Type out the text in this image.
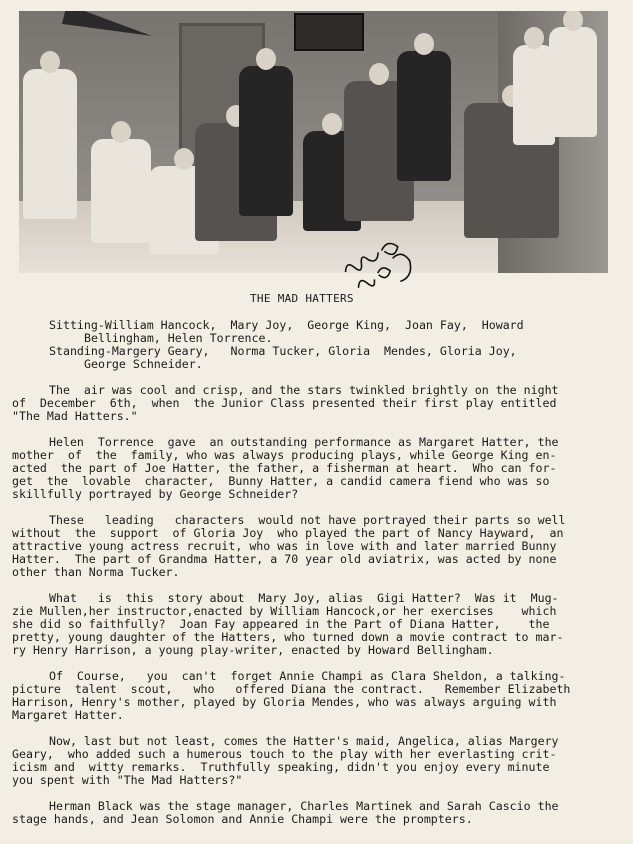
THE MAD HATTERS
Sitting-William Hancock,  Mary Joy,  George King,  Joan Fay,  Howard
Bellingham, Helen Torrence.
Standing-Margery Geary,   Norma Tucker, Gloria  Mendes, Gloria Joy,
George Schneider.
The  air was cool and crisp, and the stars twinkled brightly on the night
of  December  6th,  when  the Junior Class presented their first play entitled
"The Mad Hatters."
Helen  Torrence  gave  an outstanding performance as Margaret Hatter, the
mother  of  the  family, who was always producing plays, while George King en-
acted  the part of Joe Hatter, the father, a fisherman at heart.  Who can for-
get  the  lovable  character,  Bunny Hatter, a candid camera fiend who was so
skillfully portrayed by George Schneider?
These   leading   characters  would not have portrayed their parts so well
without  the  support  of Gloria Joy  who played the part of Nancy Hayward,  an
attractive young actress recruit, who was in love with and later married Bunny
Hatter.  The part of Grandma Hatter, a 70 year old aviatrix, was acted by none
other than Norma Tucker.
What   is  this  story about  Mary Joy, alias  Gigi Hatter?  Was it  Mug-
zie Mullen,her instructor,enacted by William Hancock,or her exercises    which
she did so faithfully?  Joan Fay appeared in the Part of Diana Hatter,    the
pretty, young daughter of the Hatters, who turned down a movie contract to mar-
ry Henry Harrison, a young play-writer, enacted by Howard Bellingham.
Of  Course,   you  can't  forget Annie Champi as Clara Sheldon, a talking-
picture  talent  scout,   who   offered Diana the contract.   Remember Elizabeth
Harrison, Henry's mother, played by Gloria Mendes, who was always arguing with
Margaret Hatter.
Now, last but not least, comes the Hatter's maid, Angelica, alias Margery
Geary,  who added such a humerous touch to the play with her everlasting crit-
icism and  witty remarks.  Truthfully speaking, didn't you enjoy every minute
you spent with "The Mad Hatters?"
Herman Black was the stage manager, Charles Martinek and Sarah Cascio the
stage hands, and Jean Solomon and Annie Champi were the prompters.
